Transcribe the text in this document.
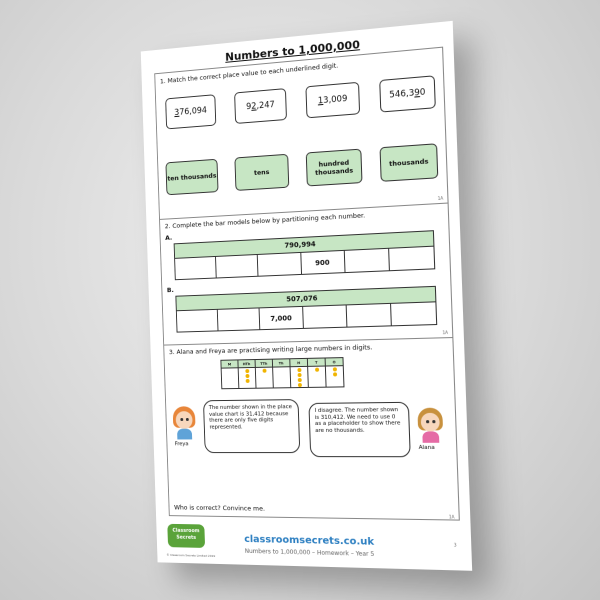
Numbers to 1,000,000
1. Match the correct place value to each underlined digit.
3 76,094	9 2 ,247	1 3,009	546,3 9 0
ten thousands	tens
hundred thousands
thousands
1A
2. Complete the bar models below by partitioning each number.
A.
790,994
900
B.
507,076
7,000
1A
3. Alana and Freya are practising writing large numbers in digits.
M	HTh	TTh	Th	H	T	O

Freya
The number shown in the place value chart is 31,412 because there are only five digits represented.
I disagree. The number shown is 310,412. We need to use 0 as a placeholder to show there are no thousands.
Alana
Who is correct? Convince me.
1A
Classroom
Secrets
© Classroom Secrets Limited 2019
classroomsecrets.co.uk
Numbers to 1,000,000 – Homework – Year 5
3
